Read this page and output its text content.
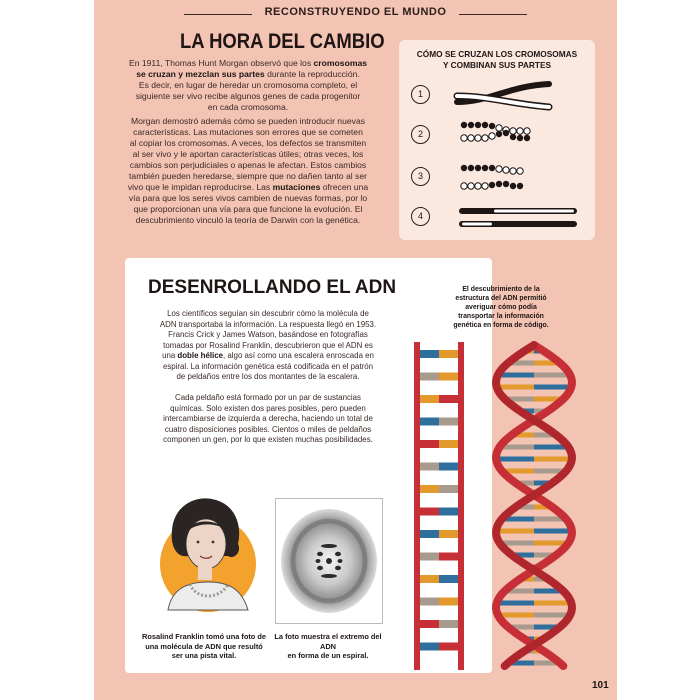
RECONSTRUYENDO EL MUNDO
LA HORA DEL CAMBIO
En 1911, Thomas Hunt Morgan observó que los cromosomas
se cruzan y mezclan sus partes durante la reproducción.
Es decir, en lugar de heredar un cromosoma completo, el
siguiente ser vivo recibe algunos genes de cada progenitor
en cada cromosoma.
Morgan demostró además cómo se pueden introducir nuevas
características. Las mutaciones son errores que se cometen
al copiar los cromosomas. A veces, los defectos se transmiten
al ser vivo y le aportan características útiles; otras veces, los
cambios son perjudiciales o apenas le afectan. Estos cambios
también pueden heredarse, siempre que no dañen tanto al ser
vivo que le impidan reproducirse. Las mutaciones ofrecen una
vía para que los seres vivos cambien de nuevas formas, por lo
que proporcionan una vía para que funcione la evolución. El
descubrimiento vinculó la teoría de Darwin con la genética.
CÓMO SE CRUZAN LOS CROMOSOMAS
Y COMBINAN SUS PARTES
1
2
3
4
DESENROLLANDO EL ADN
Los científicos seguían sin descubrir cómo la molécula de
ADN transportaba la información. La respuesta llegó en 1953.
Francis Crick y James Watson, basándose en fotografías
tomadas por Rosalind Franklin, descubrieron que el ADN es
una doble hélice, algo así como una escalera enroscada en
espiral. La información genética está codificada en el patrón
de peldaños entre los dos montantes de la escalera.
Cada peldaño está formado por un par de sustancias
químicas. Solo existen dos pares posibles, pero pueden
intercambiarse de izquierda a derecha, haciendo un total de
cuatro disposiciones posibles. Cientos o miles de peldaños
componen un gen, por lo que existen muchas posibilidades.
El descubrimiento de la
estructura del ADN permitió
averiguar cómo podía
transportar la información
genética en forma de código.
Rosalind Franklin tomó una foto de
una molécula de ADN que resultó
ser una pista vital.
La foto muestra el extremo del ADN
en forma de un espiral.
101
